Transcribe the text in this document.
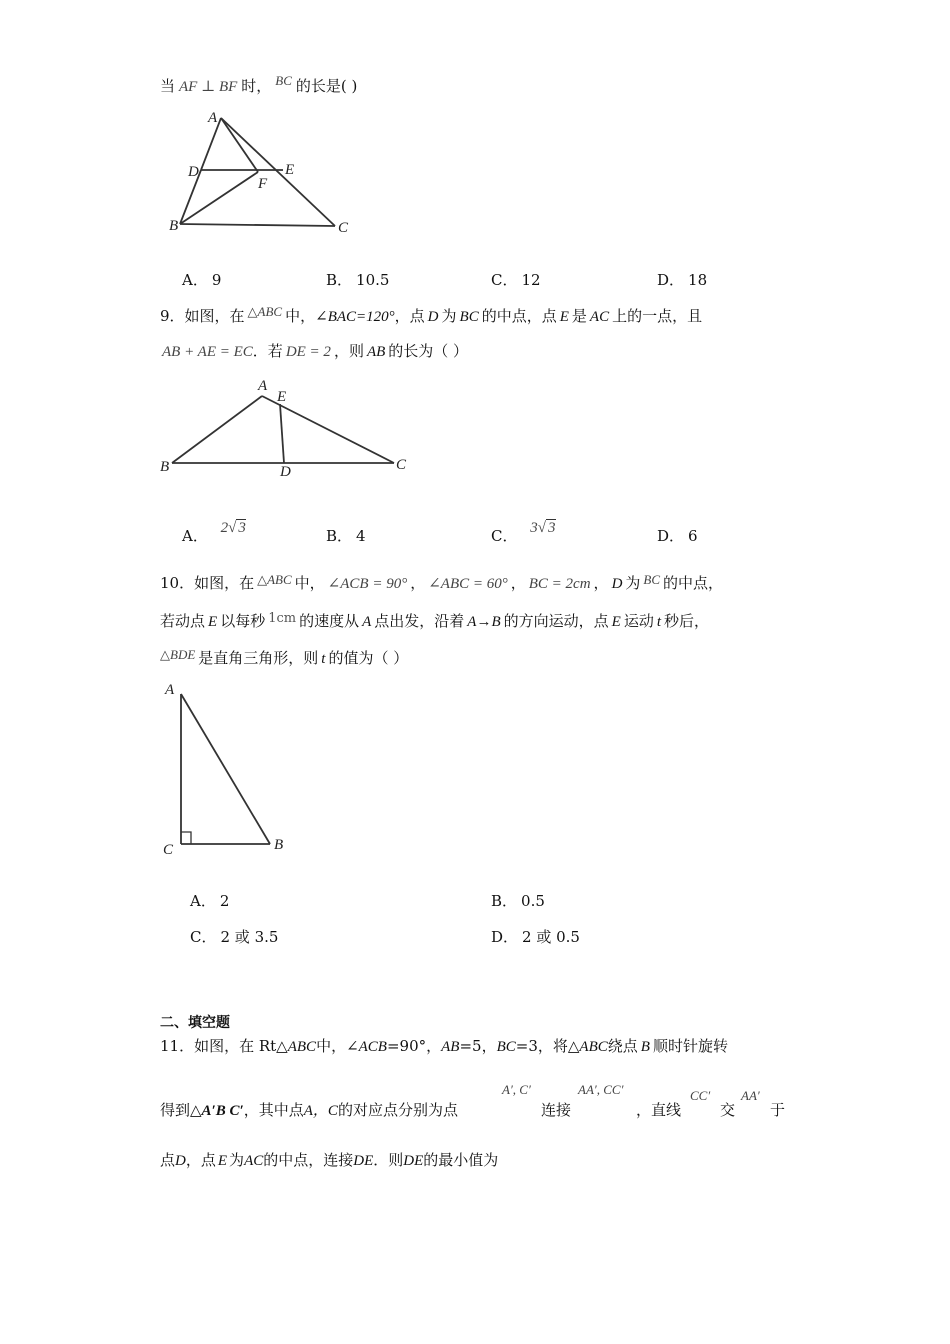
当 AF ⊥ BF 时， BC 的长是( )
A
D
F
E
B	C
A． 9	B． 10.5	C． 12	D． 18
9．如图，在 △ABC 中，∠BAC=120°，点 D 为 BC 的中点，点 E 是 AC 上的一点，且
AB + AE = EC．若 DE = 2 ，则 AB 的长为（ ）
A
E
B	D	C
A． 2√ 3	B． 4	C． 3√ 3	D． 6
10．如图，在 △ABC 中， ∠ACB = 90° ， ∠ABC = 60° ， BC = 2cm ， D 为 BC 的中点，
若动点 E 以每秒 1cm 的速度从 A 点出发，沿着 A→B 的方向运动，点 E 运动 t 秒后，
△BDE 是直角三角形，则 t 的值为（ ）
A
C	B
A． 2	B． 0.5
C． 2 或 3.5	D． 2 或 0.5
二、填空题
11．如图，在 Rt△ABC中，∠ACB=90°，AB=5，BC=3，将△ABC绕点 B 顺时针旋转
得到△A′B C′，其中点A，C的对应点分别为点
A′, C′
连接
AA′, CC′
，直线
CC′
交
AA′
于
点D，点 E 为AC的中点，连接DE．则DE的最小值为
